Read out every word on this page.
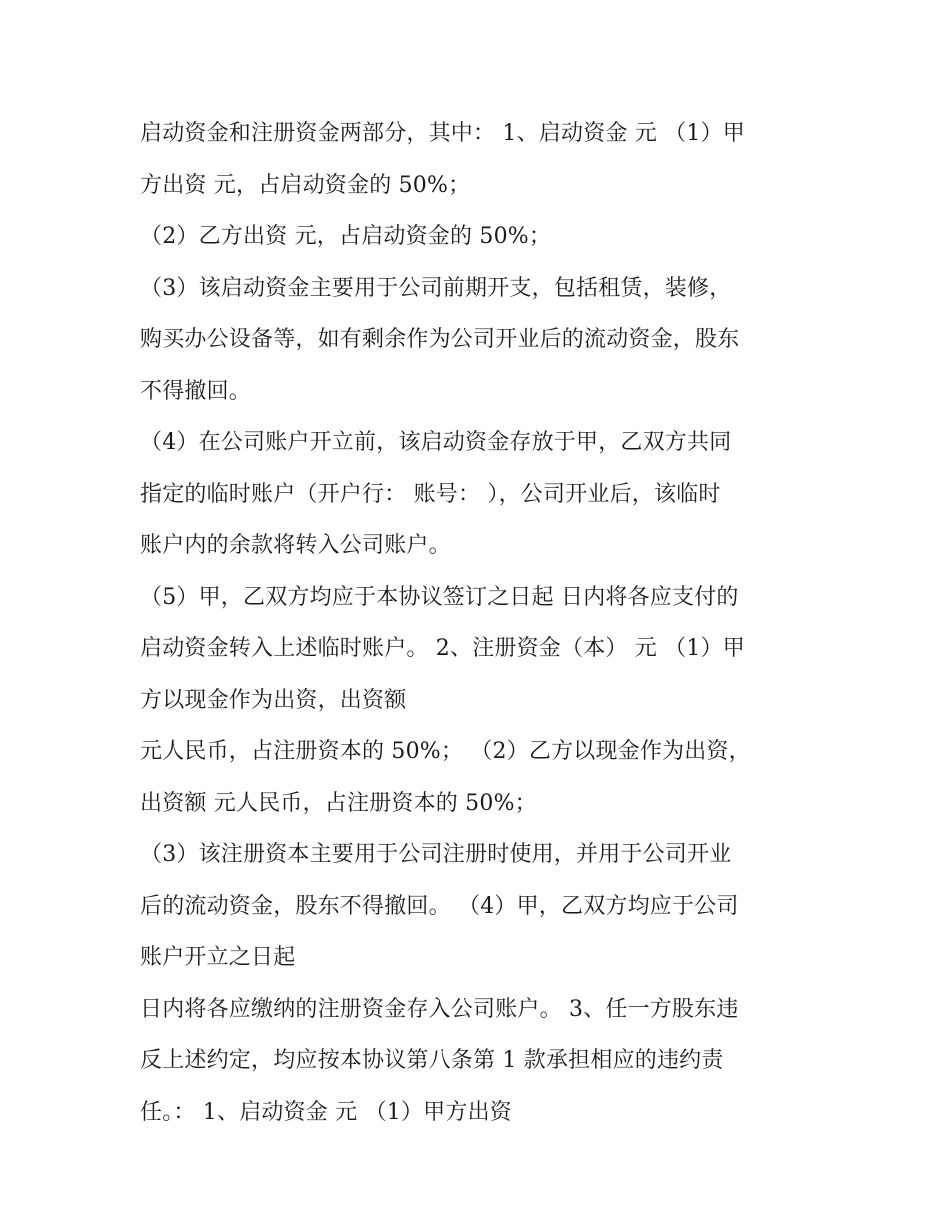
启动资金和注册资金两部分，其中： 1、启动资金 元 （1）甲
方出资 元，占启动资金的 50%；
（2）乙方出资 元，占启动资金的 50%；
（3）该启动资金主要用于公司前期开支，包括租赁，装修，
购买办公设备等，如有剩余作为公司开业后的流动资金，股东
不得撤回。
（4）在公司账户开立前，该启动资金存放于甲，乙双方共同
指定的临时账户（开户行： 账号： ），公司开业后，该临时
账户内的余款将转入公司账户。
（5）甲，乙双方均应于本协议签订之日起 日内将各应支付的
启动资金转入上述临时账户。 2、注册资金（本） 元 （1）甲
方以现金作为出资，出资额
元人民币，占注册资本的 50%； （2）乙方以现金作为出资，
出资额 元人民币，占注册资本的 50%；
（3）该注册资本主要用于公司注册时使用，并用于公司开业
后的流动资金，股东不得撤回。 （4）甲，乙双方均应于公司
账户开立之日起
日内将各应缴纳的注册资金存入公司账户。 3、任一方股东违
反上述约定，均应按本协议第八条第 1 款承担相应的违约责
任。： 1、启动资金 元 （1）甲方出资
